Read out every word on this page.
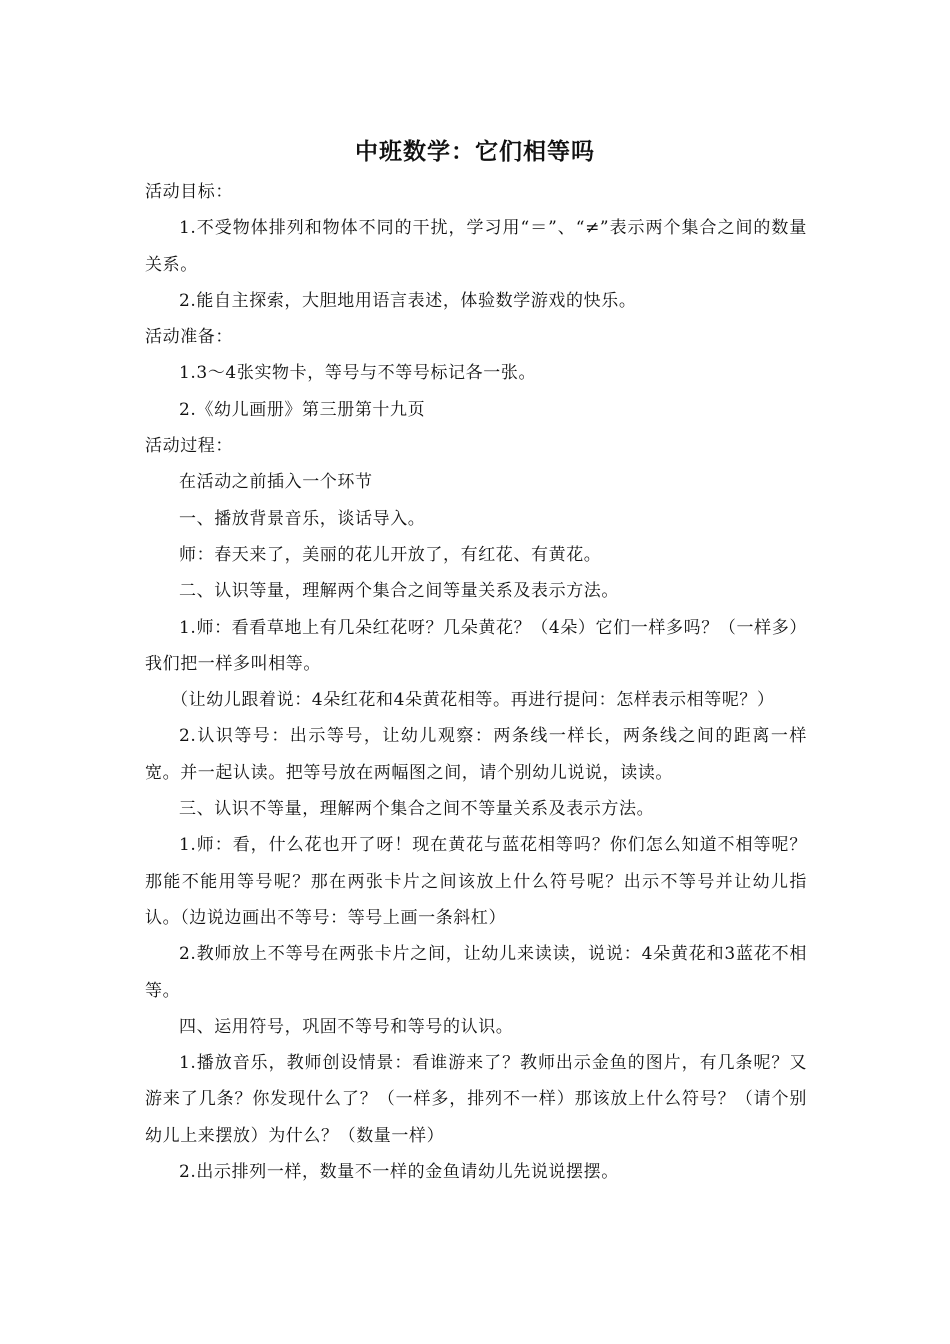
中班数学：它们相等吗

活动目标：

1.不受物体排列和物体不同的干扰，学习用“＝”、“≠”表示两个集合之间的数量关系。

2.能自主探索，大胆地用语言表述，体验数学游戏的快乐。

活动准备：

1.3～4张实物卡，等号与不等号标记各一张。

2.《幼儿画册》第三册第十九页

活动过程：

在活动之前插入一个环节

一、播放背景音乐，谈话导入。

师：春天来了，美丽的花儿开放了，有红花、有黄花。

二、认识等量，理解两个集合之间等量关系及表示方法。

1.师：看看草地上有几朵红花呀？几朵黄花？（4朵）它们一样多吗？（一样多）我们把一样多叫相等。

（让幼儿跟着说：4朵红花和4朵黄花相等。再进行提问：怎样表示相等呢？）

2.认识等号：出示等号，让幼儿观察：两条线一样长，两条线之间的距离一样宽。并一起认读。把等号放在两幅图之间，请个别幼儿说说，读读。

三、认识不等量，理解两个集合之间不等量关系及表示方法。

1.师：看，什么花也开了呀！现在黄花与蓝花相等吗？你们怎么知道不相等呢？那能不能用等号呢？那在两张卡片之间该放上什么符号呢？出示不等号并让幼儿指认。（边说边画出不等号：等号上画一条斜杠）

2.教师放上不等号在两张卡片之间，让幼儿来读读，说说：4朵黄花和3蓝花不相等。

四、运用符号，巩固不等号和等号的认识。

1.播放音乐，教师创设情景：看谁游来了？教师出示金鱼的图片，有几条呢？又游来了几条？你发现什么了？（一样多，排列不一样）那该放上什么符号？（请个别幼儿上来摆放）为什么？（数量一样）

2.出示排列一样，数量不一样的金鱼请幼儿先说说摆摆。
